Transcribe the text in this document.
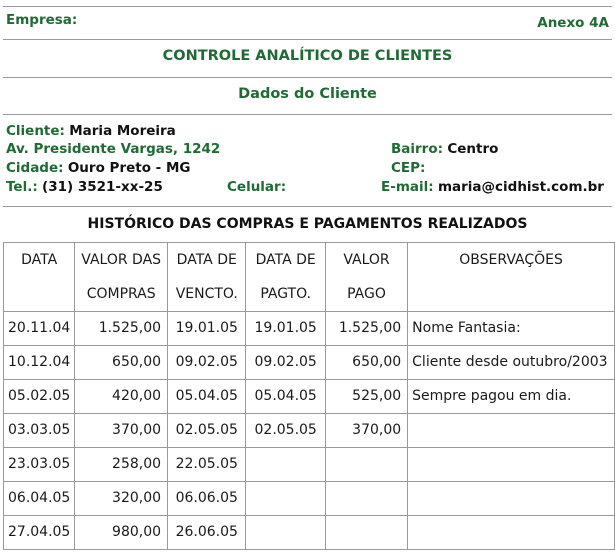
Empresa:	Anexo 4A
CONTROLE ANALÍTICO DE CLIENTES
Dados do Cliente
Cliente: Maria Moreira
Av. Presidente Vargas, 1242
Cidade: Ouro Preto - MG
Tel.: (31) 3521-xx-25
Bairro: Centro
CEP:
Celular:	E-mail: maria@cidhist.com.br
HISTÓRICO DAS COMPRAS E PAGAMENTOS REALIZADOS
DATA	VALOR DAS	DATA DE	DATA DE	VALOR	OBSERVAÇÕES
	COMPRAS	VENCTO.	PAGTO.	PAGO	
20.11.04	1.525,00	19.01.05	19.01.05	1.525,00	Nome Fantasia:
10.12.04	650,00	09.02.05	09.02.05	650,00	Cliente desde outubro/2003
05.02.05	420,00	05.04.05	05.04.05	525,00	Sempre pagou em dia.
03.03.05	370,00	02.05.05	02.05.05	370,00	
23.03.05	258,00	22.05.05			
06.04.05	320,00	06.06.05			
27.04.05	980,00	26.06.05			
